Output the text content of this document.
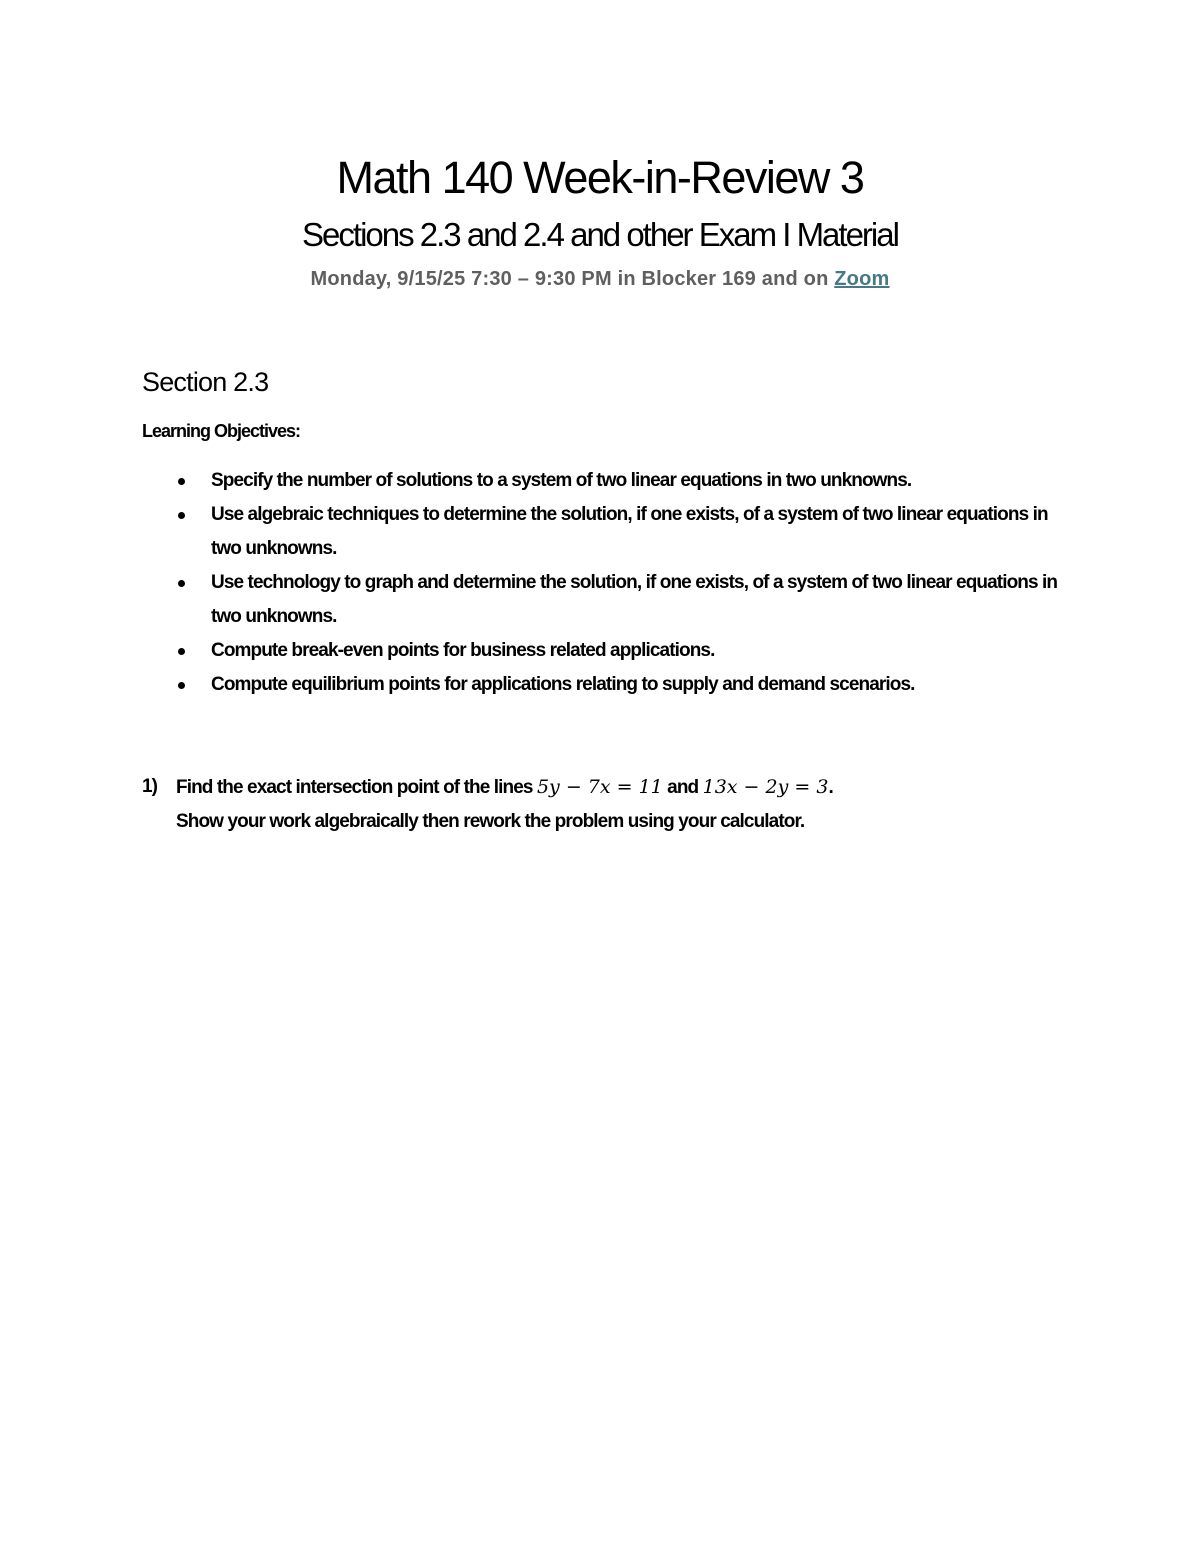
Math 140 Week-in-Review 3
Sections 2.3 and 2.4 and other Exam I Material
Monday, 9/15/25 7:30 – 9:30 PM in Blocker 169 and on Zoom
Section 2.3
Learning Objectives:
Specify the number of solutions to a system of two linear equations in two unknowns.
Use algebraic techniques to determine the solution, if one exists, of a system of two linear equations in two unknowns.
Use technology to graph and determine the solution, if one exists, of a system of two linear equations in two unknowns.
Compute break-even points for business related applications.
Compute equilibrium points for applications relating to supply and demand scenarios.
1) Find the exact intersection point of the lines 5y − 7x = 11 and 13x − 2y = 3.
Show your work algebraically then rework the problem using your calculator.
